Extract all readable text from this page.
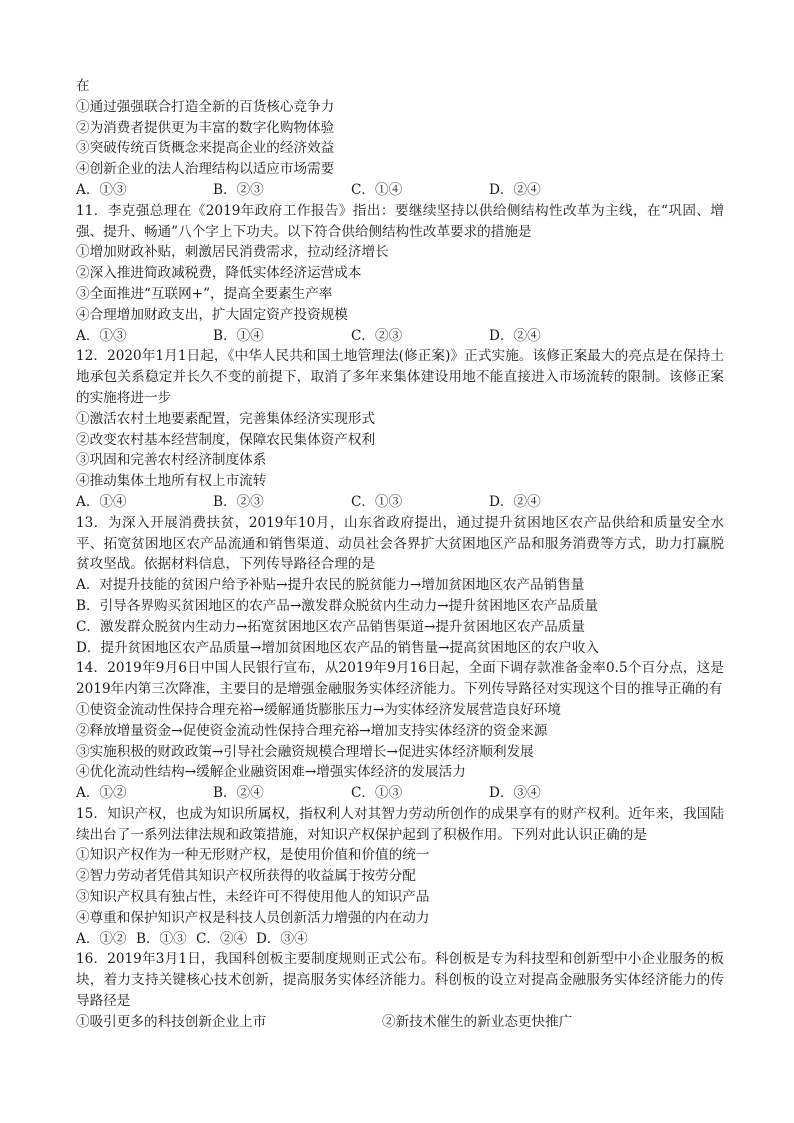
在
①通过强强联合打造全新的百货核心竞争力
②为消费者提供更为丰富的数字化购物体验
③突破传统百货概念来提高企业的经济效益
④创新企业的法人治理结构以适应市场需要
A．①③	B．②③	C．①④	D．②④
11．李克强总理在《2019年政府工作报告》指出：要继续坚持以供给侧结构性改革为主线，在“巩固、增强、提升、畅通”八个字上下功夫。以下符合供给侧结构性改革要求的措施是
①增加财政补贴，刺激居民消费需求，拉动经济增长
②深入推进简政减税费，降低实体经济运营成本
③全面推进“互联网+”，提高全要素生产率
④合理增加财政支出，扩大固定资产投资规模
A．①③	B．①④	C．②③	D．②④
12．2020年1月1日起，《中华人民共和国土地管理法(修正案)》正式实施。该修正案最大的亮点是在保持土地承包关系稳定并长久不变的前提下，取消了多年来集体建设用地不能直接进入市场流转的限制。该修正案的实施将进一步
①激活农村土地要素配置，完善集体经济实现形式
②改变农村基本经营制度，保障农民集体资产权利
③巩固和完善农村经济制度体系
④推动集体土地所有权上市流转
A．①④	B．②③	C．①③	D．②④
13．为深入开展消费扶贫，2019年10月，山东省政府提出，通过提升贫困地区农产品供给和质量安全水平、拓宽贫困地区农产品流通和销售渠道、动员社会各界扩大贫困地区产品和服务消费等方式，助力打赢脱贫攻坚战。依据材料信息，下列传导路径合理的是
A．对提升技能的贫困户给予补贴→提升农民的脱贫能力→增加贫困地区农产品销售量
B．引导各界购买贫困地区的农产品→激发群众脱贫内生动力→提升贫困地区农产品质量
C．激发群众脱贫内生动力→拓宽贫困地区农产品销售渠道→提升贫困地区农产品质量
D．提升贫困地区农产品质量→增加贫困地区农产品的销售量→提高贫困地区的农户收入
14．2019年9月6日中国人民银行宣布，从2019年9月16日起，全面下调存款准备金率0.5个百分点，这是2019年内第三次降准，主要目的是增强金融服务实体经济能力。下列传导路径对实现这个目的推导正确的有
①使资金流动性保持合理充裕→缓解通货膨胀压力→为实体经济发展营造良好环境
②释放增量资金→促使资金流动性保持合理充裕→增加支持实体经济的资金来源
③实施积极的财政政策→引导社会融资规模合理增长→促进实体经济顺利发展
④优化流动性结构→缓解企业融资困难→增强实体经济的发展活力
A．①②	B．②④	C．①③	D．③④
15．知识产权，也成为知识所属权，指权利人对其智力劳动所创作的成果享有的财产权利。近年来，我国陆续出台了一系列法律法规和政策措施，对知识产权保护起到了积极作用。下列对此认识正确的是
①知识产权作为一种无形财产权，是使用价值和价值的统一
②智力劳动者凭借其知识产权所获得的收益属于按劳分配
③知识产权具有独占性，未经许可不得使用他人的知识产品
④尊重和保护知识产权是科技人员创新活力增强的内在动力
A．①② B．①③ C．②④ D．③④
16．2019年3月1日，我国科创板主要制度规则正式公布。科创板是专为科技型和创新型中小企业服务的板块，着力支持关键核心技术创新，提高服务实体经济能力。科创板的设立对提高金融服务实体经济能力的传导路径是
①吸引更多的科技创新企业上市	②新技术催生的新业态更快推广
